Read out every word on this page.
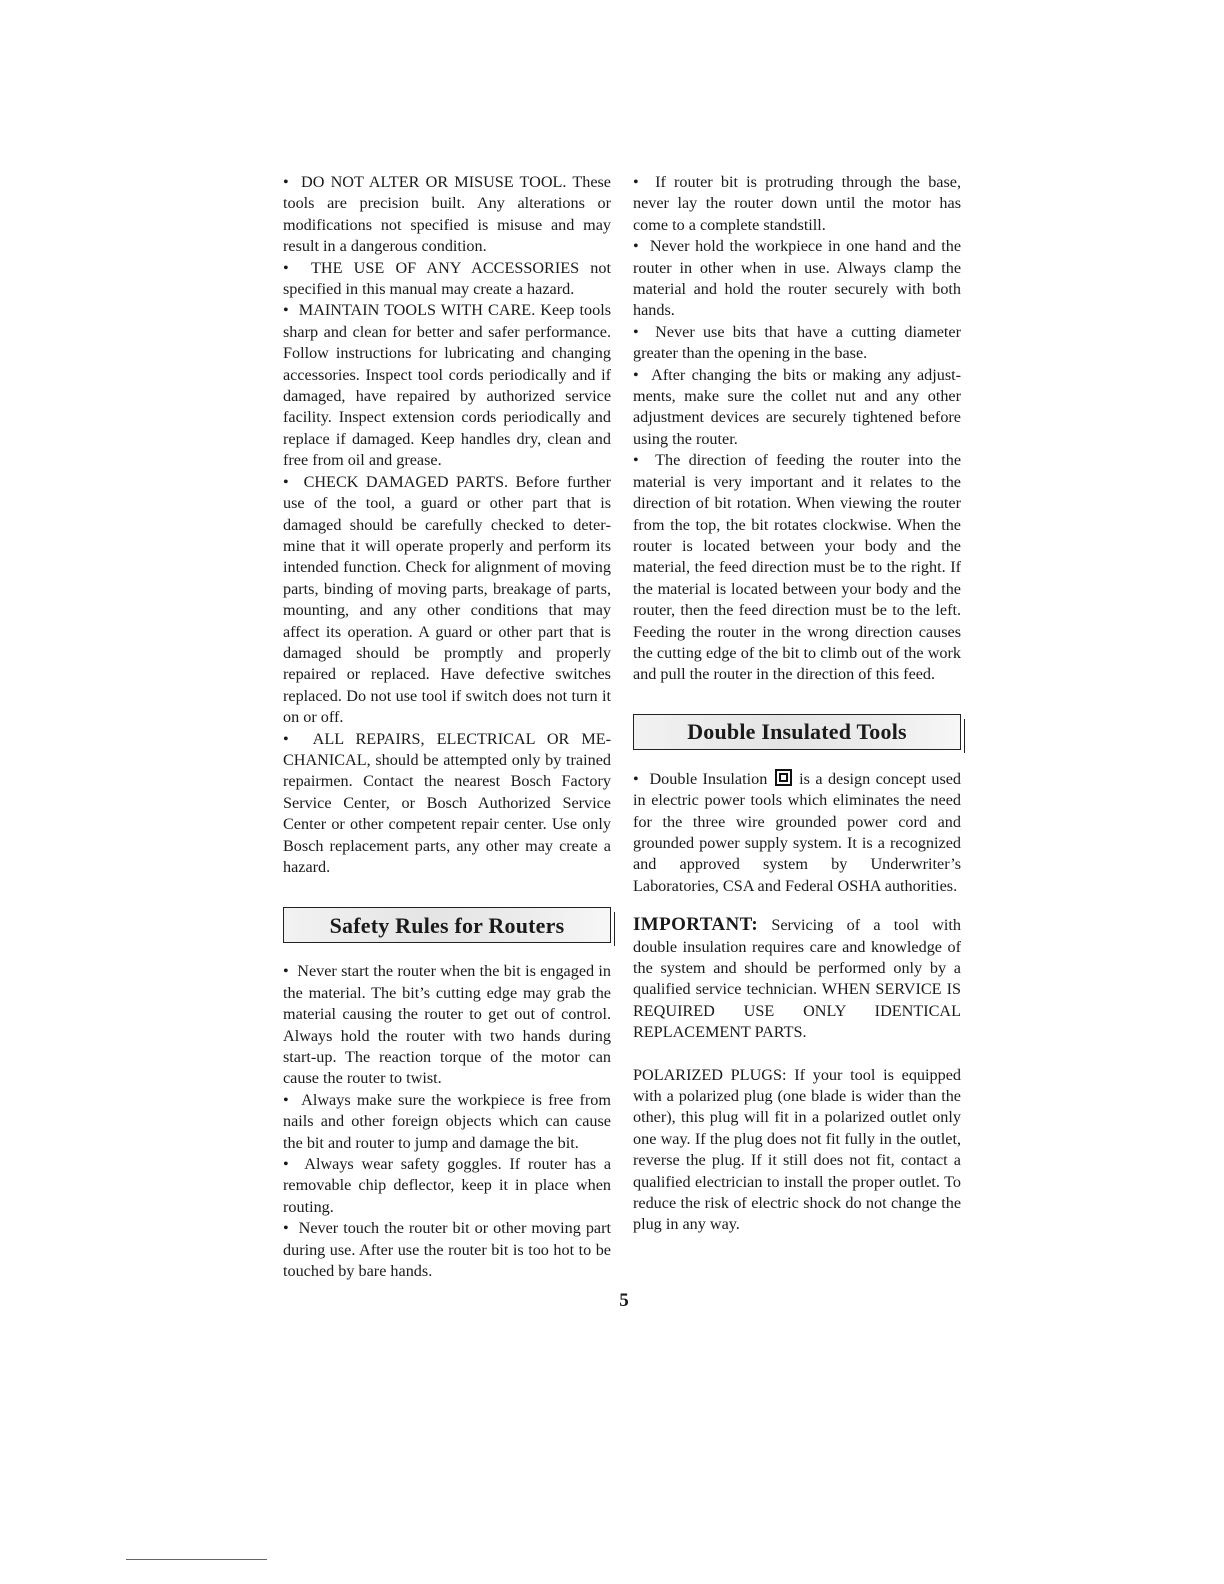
•  DO NOT ALTER OR MISUSE TOOL. These tools are precision built. Any alterations or modifications not specified is misuse and may result in a dangerous condition.

•  THE USE OF ANY ACCESSORIES not specified in this manual may create a hazard.

•  MAINTAIN TOOLS WITH CARE. Keep tools sharp and clean for better and safer performance. Follow instructions for lubricating and changing accessories. Inspect tool cords periodically and if damaged, have repaired by authorized service facility. Inspect extension cords periodically and replace if damaged. Keep handles dry, clean and free from oil and grease.

•  CHECK DAMAGED PARTS. Before further use of the tool, a guard or other part that is damaged should be carefully checked to determine that it will operate properly and perform its intended function. Check for alignment of moving parts, binding of moving parts, breakage of parts, mounting, and any other conditions that may affect its operation. A guard or other part that is damaged should be promptly and properly repaired or replaced. Have defective switches replaced. Do not use tool if switch does not turn it on or off.

•  ALL REPAIRS, ELECTRICAL OR MECHANICAL, should be attempted only by trained repairmen. Contact the nearest Bosch Factory Service Center, or Bosch Authorized Service Center or other competent repair center. Use only Bosch replacement parts, any other may create a hazard.

Safety Rules for Routers

•  Never start the router when the bit is engaged in the material. The bit’s cutting edge may grab the material causing the router to get out of control. Always hold the router with two hands during start-up. The reaction torque of the motor can cause the router to twist.

•  Always make sure the workpiece is free from nails and other foreign objects which can cause the bit and router to jump and damage the bit.

•  Always wear safety goggles. If router has a removable chip deflector, keep it in place when routing.

•  Never touch the router bit or other moving part during use. After use the router bit is too hot to be touched by bare hands.

•  If router bit is protruding through the base, never lay the router down until the motor has come to a complete standstill.

•  Never hold the workpiece in one hand and the router in other when in use. Always clamp the material and hold the router securely with both hands.

•  Never use bits that have a cutting diameter greater than the opening in the base.

•  After changing the bits or making any adjustments, make sure the collet nut and any other adjustment devices are securely tightened before using the router.

•  The direction of feeding the router into the material is very important and it relates to the direction of bit rotation. When viewing the router from the top, the bit rotates clockwise. When the router is located between your body and the material, the feed direction must be to the right. If the material is located between your body and the router, then the feed direction must be to the left. Feeding the router in the wrong direction causes the cutting edge of the bit to climb out of the work and pull the router in the direction of this feed.

Double Insulated Tools

•  Double Insulation is a design concept used in electric power tools which eliminates the need for the three wire grounded power cord and grounded power supply system. It is a recognized and approved system by Underwriter’s Laboratories, CSA and Federal OSHA authorities.

IMPORTANT: Servicing of a tool with double insulation requires care and knowledge of the system and should be performed only by a qualified service technician. WHEN SERVICE IS REQUIRED USE ONLY IDENTICAL REPLACEMENT PARTS.

POLARIZED PLUGS: If your tool is equipped with a polarized plug (one blade is wider than the other), this plug will fit in a polarized outlet only one way. If the plug does not fit fully in the outlet, reverse the plug. If it still does not fit, contact a qualified electrician to install the proper outlet. To reduce the risk of electric shock do not change the plug in any way.

5
